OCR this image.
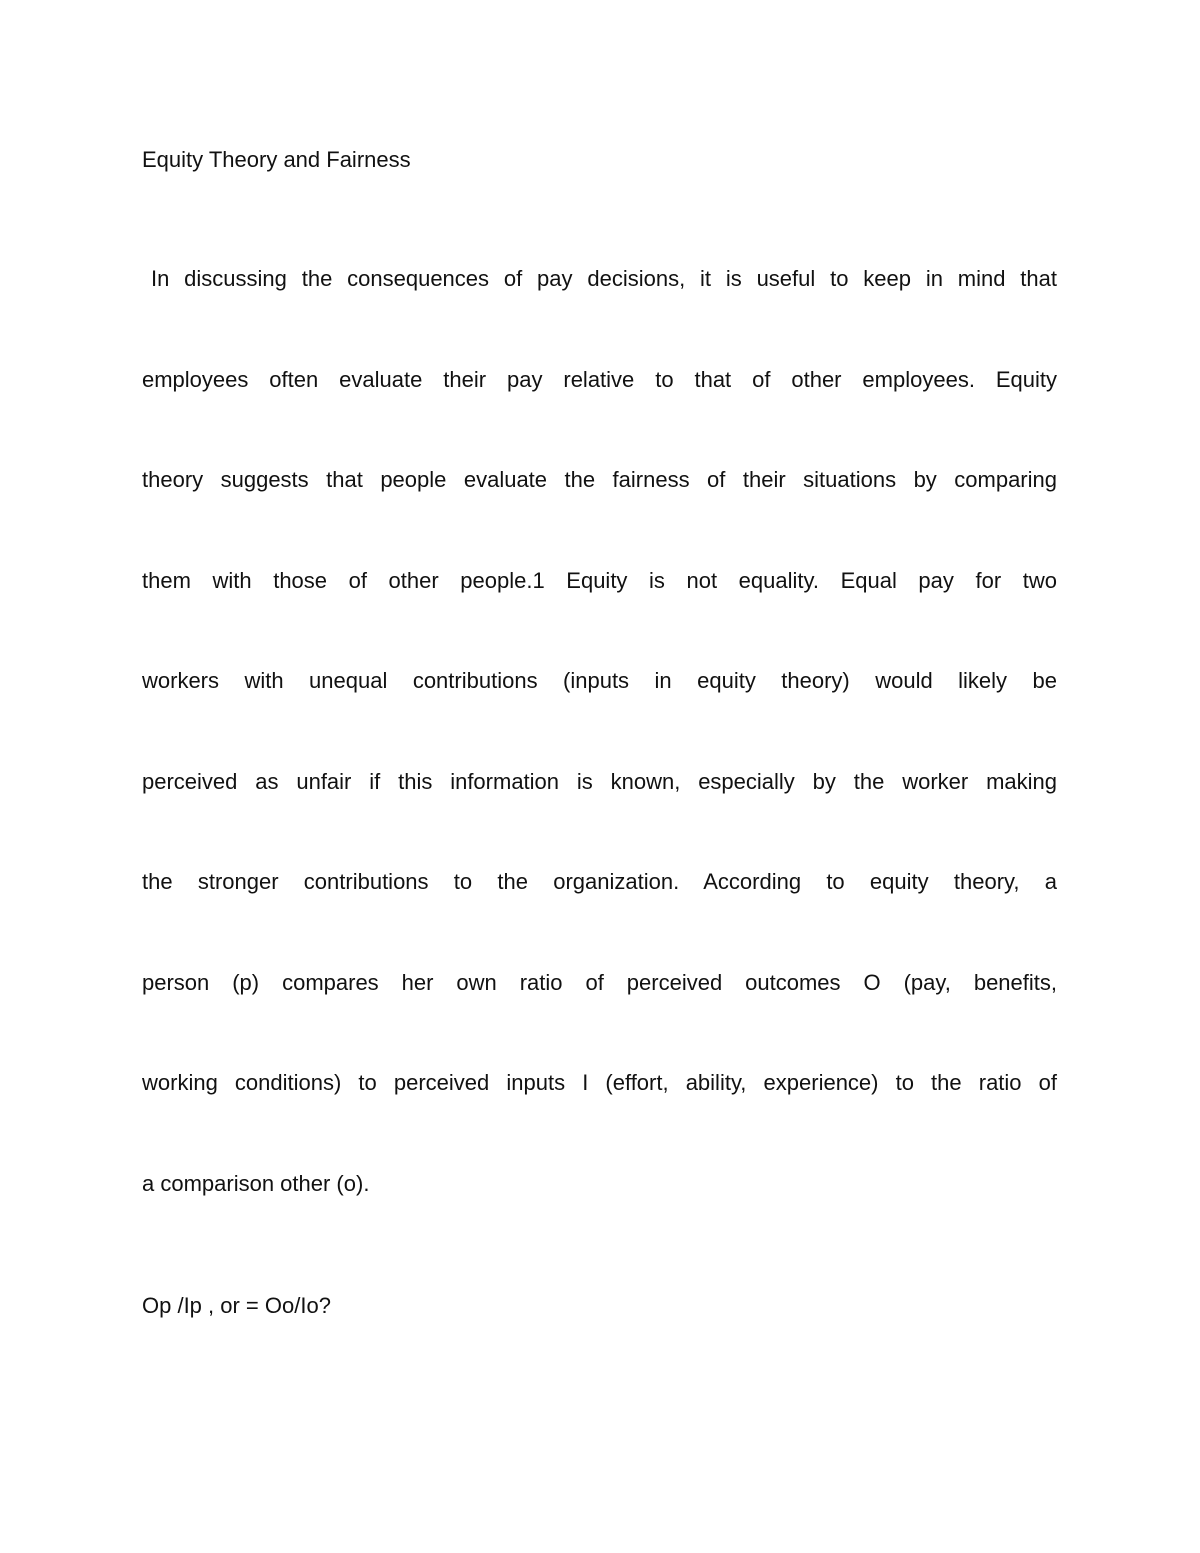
Equity Theory and Fairness
In discussing the consequences of pay decisions, it is useful to keep in mind that
employees often evaluate their pay relative to that of other employees. Equity
theory suggests that people evaluate the fairness of their situations by comparing
them with those of other people.1 Equity is not equality. Equal pay for two
workers with unequal contributions (inputs in equity theory) would likely be
perceived as unfair if this information is known, especially by the worker making
the stronger contributions to the organization. According to equity theory, a
person (p) compares her own ratio of perceived outcomes O (pay, benefits,
working conditions) to perceived inputs I (effort, ability, experience) to the ratio of
a comparison other (o).
Op /Ip , or = Oo/Io?
